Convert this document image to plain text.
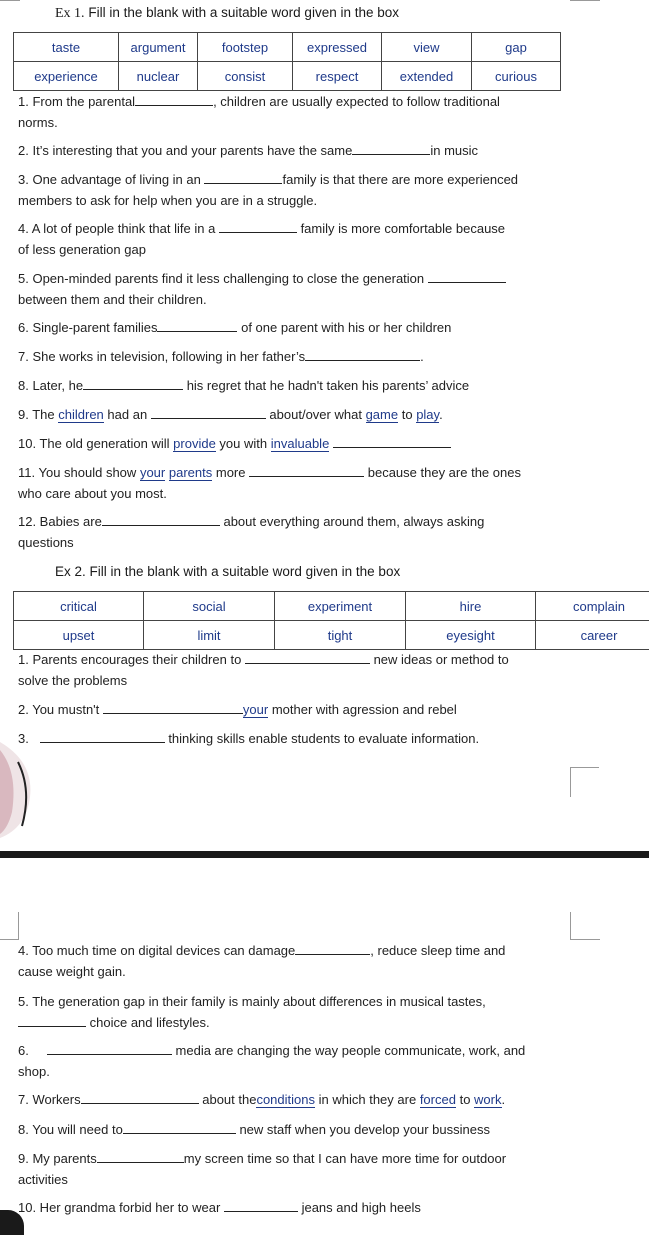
Ex 1. Fill in the blank with a suitable word given in the box
taste	argument	footstep	expressed	view	gap
experience	nuclear	consist	respect	extended	curious
1. From the parental	, children are usually expected to follow traditional
norms.
2. It’s interesting that you and your parents have the same	in music
3. One advantage of living in an	family is that there are more experienced
members to ask for help when you are in a struggle.
4. A lot of people think that life in a	family is more comfortable because
of less generation gap
5. Open-minded parents find it less challenging to close the generation
between them and their children.
6. Single-parent families	of one parent with his or her children
7. She works in television, following in her father’s	.
8. Later, he	his regret that he hadn't taken his parents’ advice
9. The children had an	about/over what game to play.
10. The old generation will provide you with invaluable
11. You should show your parents more	because they are the ones
who care about you most.
12. Babies are	about everything around them, always asking
questions
Ex 2. Fill in the blank with a suitable word given in the box
critical	social	experiment	hire	complain
upset	limit	tight	eyesight	career
1. Parents encourages their children to	new ideas or method to
solve the problems
2. You mustn't	your mother with agression and rebel
3.	thinking skills enable students to evaluate information.
4. Too much time on digital devices can damage	, reduce sleep time and
cause weight gain.
5. The generation gap in their family is mainly about differences in musical tastes,
choice and lifestyles.
6.	media are changing the way people communicate, work, and
shop.
7. Workers	about theconditions in which they are forced to work.
8. You will need to	new staff when you develop your bussiness
9. My parents	my screen time so that I can have more time for outdoor
activities
10. Her grandma forbid her to wear	jeans and high heels
